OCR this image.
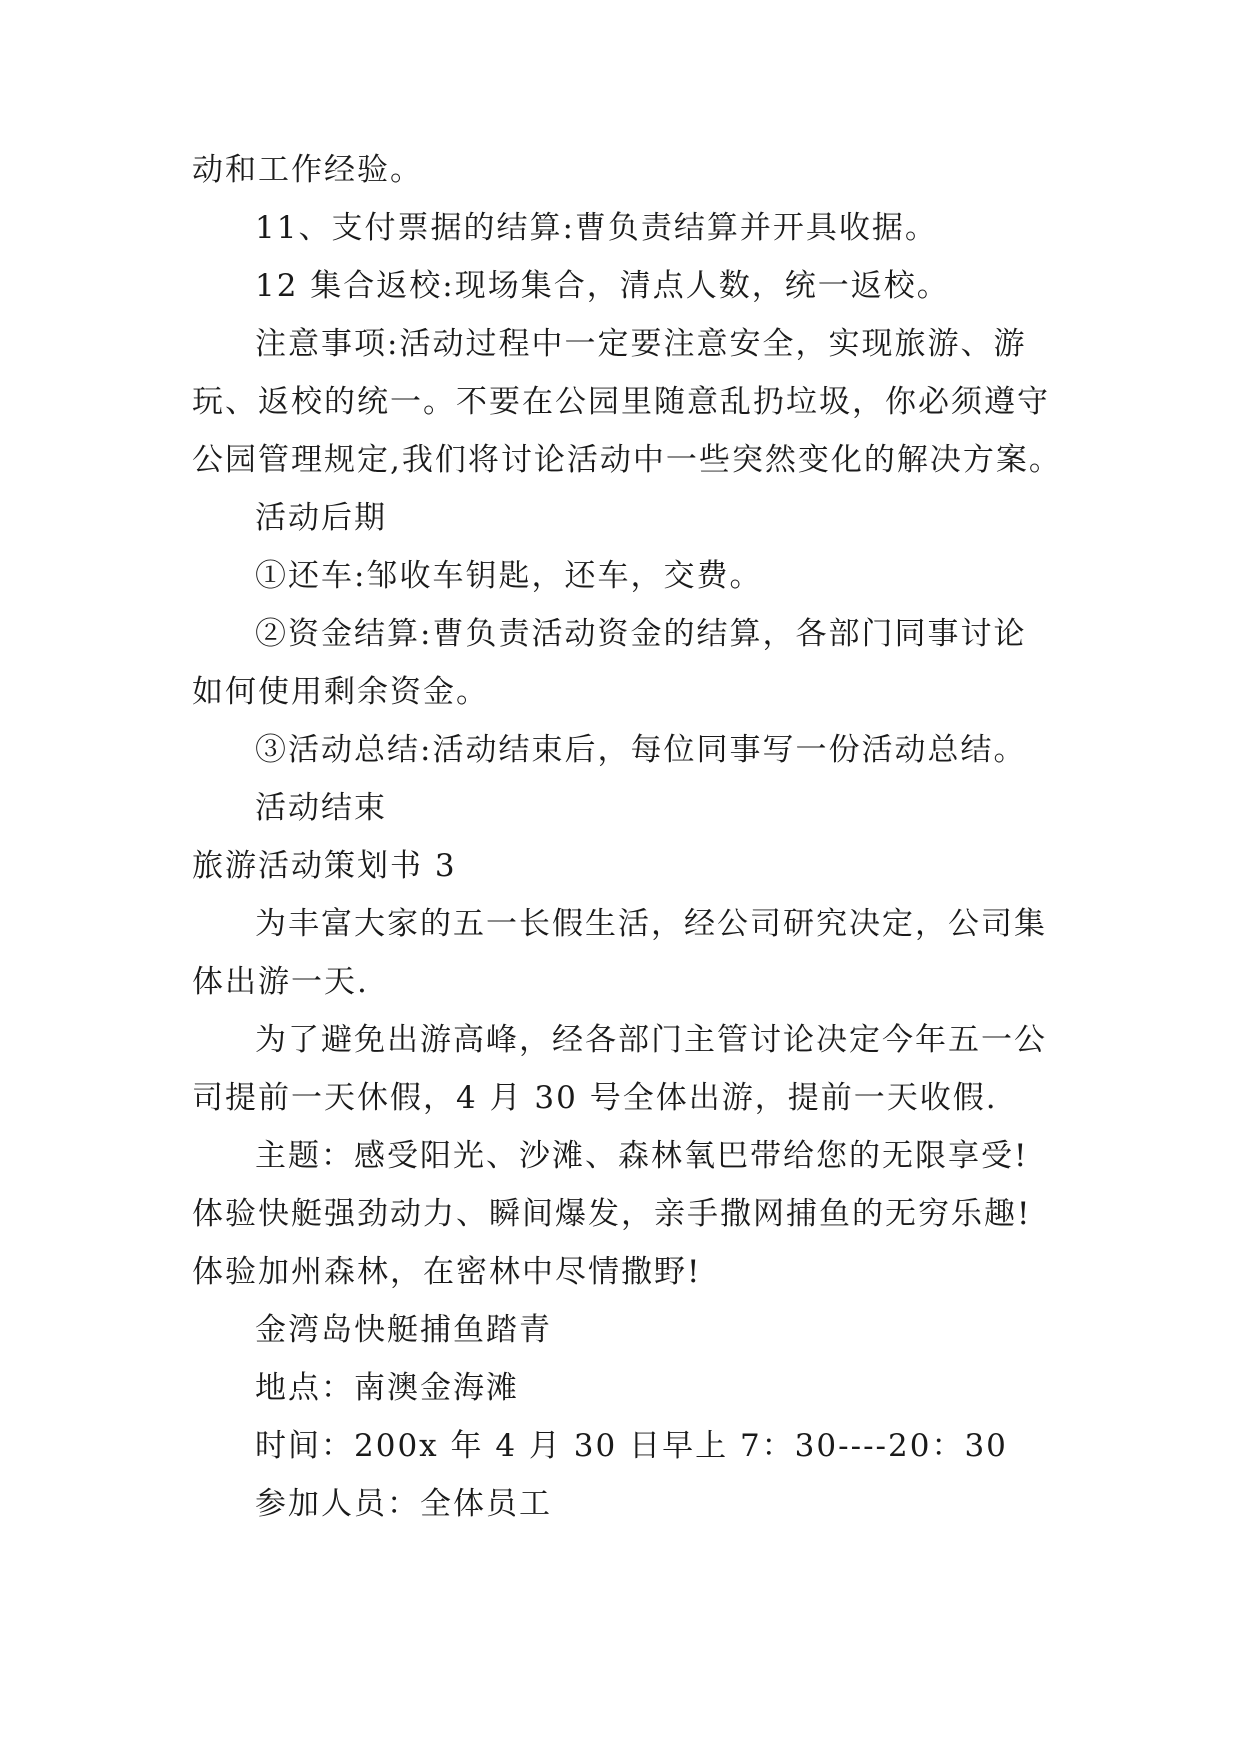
动和工作经验。
11、支付票据的结算:曹负责结算并开具收据。
12 集合返校:现场集合，清点人数，统一返校。
注意事项:活动过程中一定要注意安全，实现旅游、游
玩、返校的统一。不要在公园里随意乱扔垃圾，你必须遵守
公园管理规定,我们将讨论活动中一些突然变化的解决方案。
活动后期
①还车:邹收车钥匙，还车，交费。
②资金结算:曹负责活动资金的结算，各部门同事讨论
如何使用剩余资金。
③活动总结:活动结束后，每位同事写一份活动总结。
活动结束
旅游活动策划书 3
为丰富大家的五一长假生活，经公司研究决定，公司集
体出游一天.
为了避免出游高峰，经各部门主管讨论决定今年五一公
司提前一天休假，4 月 30 号全体出游，提前一天收假.
主题：感受阳光、沙滩、森林氧巴带给您的无限享受!
体验快艇强劲动力、瞬间爆发，亲手撒网捕鱼的无穷乐趣!
体验加州森林，在密林中尽情撒野!
金湾岛快艇捕鱼踏青
地点：南澳金海滩
时间：200x 年 4 月 30 日早上 7：30----20：30
参加人员：全体员工
